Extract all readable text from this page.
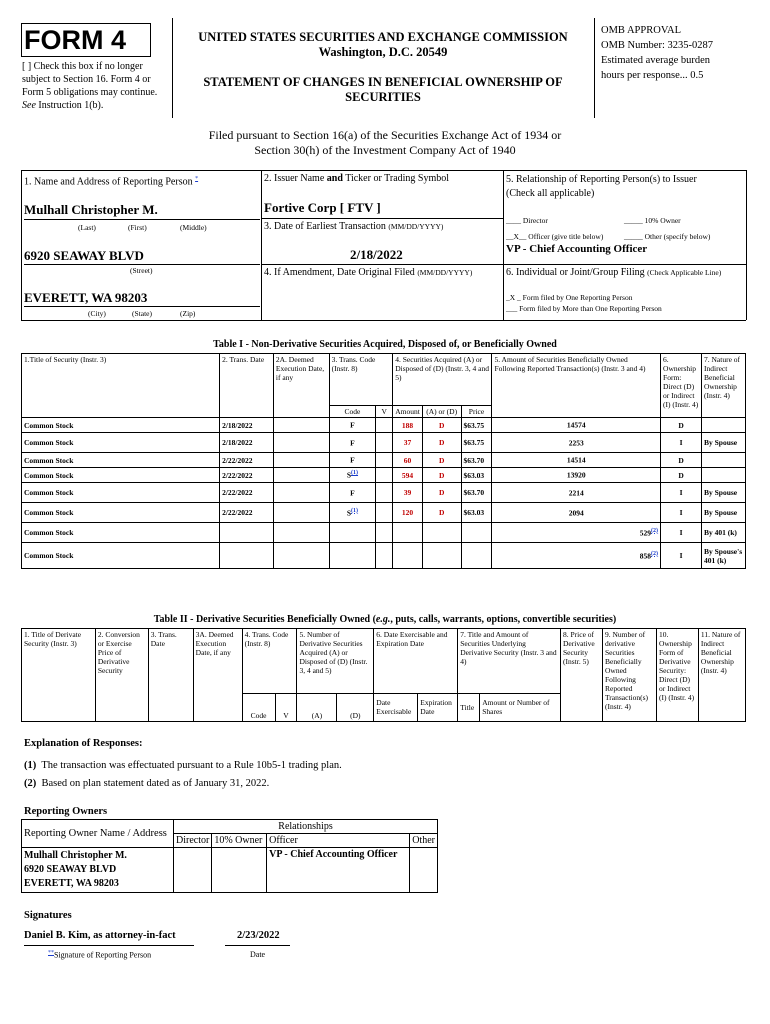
FORM 4
[ ] Check this box if no longer subject to Section 16. Form 4 or Form 5 obligations may continue. See Instruction 1(b).
UNITED STATES SECURITIES AND EXCHANGE COMMISSION
Washington, D.C. 20549
STATEMENT OF CHANGES IN BENEFICIAL OWNERSHIP OF SECURITIES
OMB APPROVAL
OMB Number: 3235-0287
Estimated average burden
hours per response... 0.5
Filed pursuant to Section 16(a) of the Securities Exchange Act of 1934 or
Section 30(h) of the Investment Company Act of 1940
1. Name and Address of Reporting Person *
Mulhall Christopher M.
(Last)	(First)	(Middle)
6920 SEAWAY BLVD
(Street)
EVERETT, WA 98203
(City)	(State)	(Zip)
2. Issuer Name and Ticker or Trading Symbol
Fortive Corp [ FTV ]
3. Date of Earliest Transaction (MM/DD/YYYY)
2/18/2022
4. If Amendment, Date Original Filed (MM/DD/YYYY)
5. Relationship of Reporting Person(s) to Issuer
(Check all applicable)
____ Director	_____ 10% Owner
__X__ Officer (give title below)	_____ Other (specify below)
VP - Chief Accounting Officer
6. Individual or Joint/Group Filing (Check Applicable Line)
_X _ Form filed by One Reporting Person
___ Form filed by More than One Reporting Person
Table I - Non-Derivative Securities Acquired, Disposed of, or Beneficially Owned
1.Title of Security (Instr. 3)	2. Trans. Date	2A. Deemed Execution Date, if any	3. Trans. Code (Instr. 8)		4. Securities Acquired (A) or Disposed of (D) (Instr. 3, 4 and 5)			5. Amount of Securities Beneficially Owned Following Reported Transaction(s) (Instr. 3 and 4)	6. Ownership Form: Direct (D) or Indirect (I) (Instr. 4)	7. Nature of Indirect Beneficial Ownership (Instr. 4)
			Code	V	Amount	(A) or (D)	Price			
Common Stock	2/18/2022		F		188	D	$63.75	14574	D	
Common Stock	2/18/2022		F		37	D	$63.75	2253	I	By Spouse
Common Stock	2/22/2022		F		60	D	$63.70	14514	D	
Common Stock	2/22/2022		$S^{(1)}$		594	D	$63.03	13920	D	
Common Stock	2/22/2022		F		39	D	$63.70	2214	I	By Spouse
Common Stock	2/22/2022		$S^{(1)}$		120	D	$63.03	2094	I	By Spouse
Common Stock								529$^{(2)}$	I	By 401 (k)
Common Stock								858$^{(2)}$	I	By Spouse's 401 (k)
Table II - Derivative Securities Beneficially Owned (e.g., puts, calls, warrants, options, convertible securities)
1. Title of Derivate Security (Instr. 3)	2. Conversion or Exercise Price of Derivative Security	3. Trans. Date	3A. Deemed Execution Date, if any	4. Trans. Code (Instr. 8)		5. Number of Derivative Securities Acquired (A) or Disposed of (D) (Instr. 3, 4 and 5)		6. Date Exercisable and Expiration Date		7. Title and Amount of Securities Underlying Derivative Security (Instr. 3 and 4)		8. Price of Derivative Security (Instr. 5)	9. Number of derivative Securities Beneficially Owned Following Reported Transaction(s) (Instr. 4)	10. Ownership Form of Derivative Security: Direct (D) or Indirect (I) (Instr. 4)	11. Nature of Indirect Beneficial Ownership (Instr. 4)
				Code	V	(A)	(D)	Date Exercisable	Expiration Date	Title	Amount or Number of Shares				
Explanation of Responses:
(1) The transaction was effectuated pursuant to a Rule 10b5-1 trading plan.
(2) Based on plan statement dated as of January 31, 2022.
Reporting Owners
Reporting Owner Name / Address	Relationships			
	Director	10% Owner	Officer	Other

Mulhall Christopher M.
6920 SEAWAY BLVD
EVERETT, WA 98203			VP - Chief Accounting Officer	
Signatures
Daniel B. Kim, as attorney-in-fact	2/23/2022
**Signature of Reporting Person	Date
